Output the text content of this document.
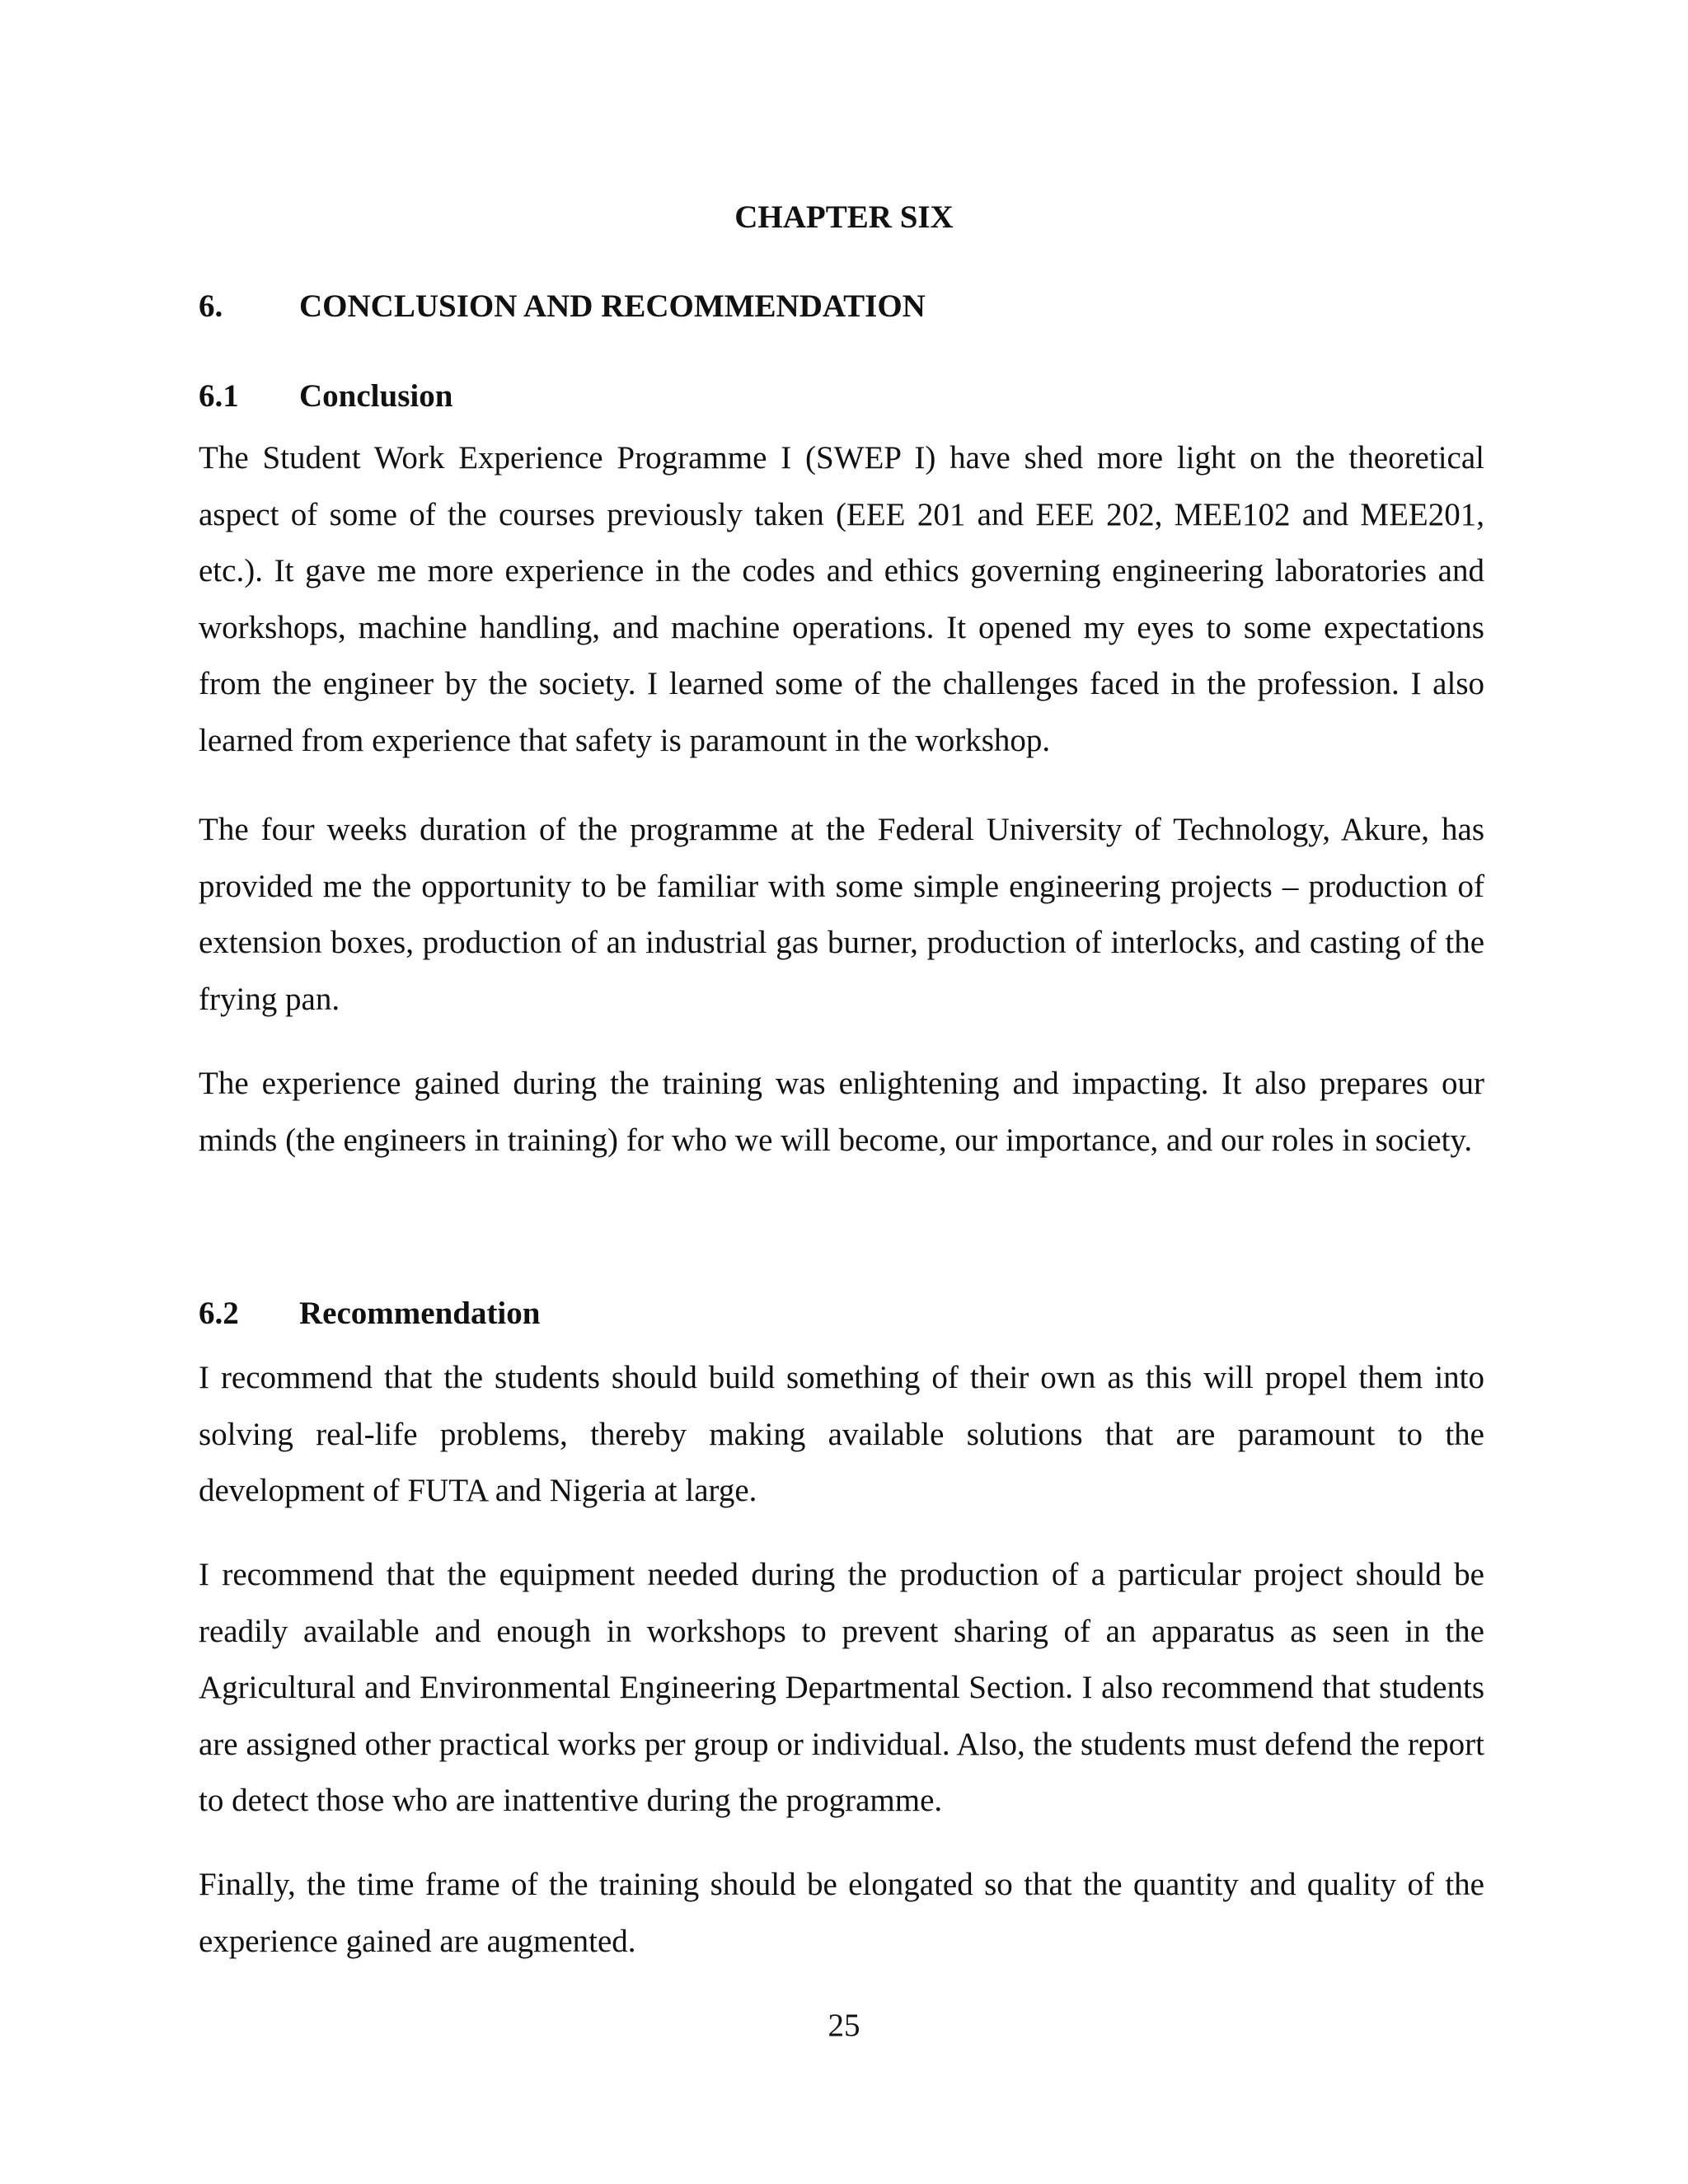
CHAPTER SIX
6. CONCLUSION AND RECOMMENDATION
6.1 Conclusion

The Student Work Experience Programme I (SWEP I) have shed more light on the theoretical aspect of some of the courses previously taken (EEE 201 and EEE 202, MEE102 and MEE201, etc.). It gave me more experience in the codes and ethics governing engineering laboratories and workshops, machine handling, and machine operations. It opened my eyes to some expectations from the engineer by the society. I learned some of the challenges faced in the profession. I also learned from experience that safety is paramount in the workshop.

The four weeks duration of the programme at the Federal University of Technology, Akure, has provided me the opportunity to be familiar with some simple engineering projects – production of extension boxes, production of an industrial gas burner, production of interlocks, and casting of the frying pan.

The experience gained during the training was enlightening and impacting. It also prepares our minds (the engineers in training) for who we will become, our importance, and our roles in society.

6.2 Recommendation

I recommend that the students should build something of their own as this will propel them into solving real-life problems, thereby making available solutions that are paramount to the development of FUTA and Nigeria at large.

I recommend that the equipment needed during the production of a particular project should be readily available and enough in workshops to prevent sharing of an apparatus as seen in the Agricultural and Environmental Engineering Departmental Section. I also recommend that students are assigned other practical works per group or individual. Also, the students must defend the report to detect those who are inattentive during the programme.

Finally, the time frame of the training should be elongated so that the quantity and quality of the experience gained are augmented.

25
